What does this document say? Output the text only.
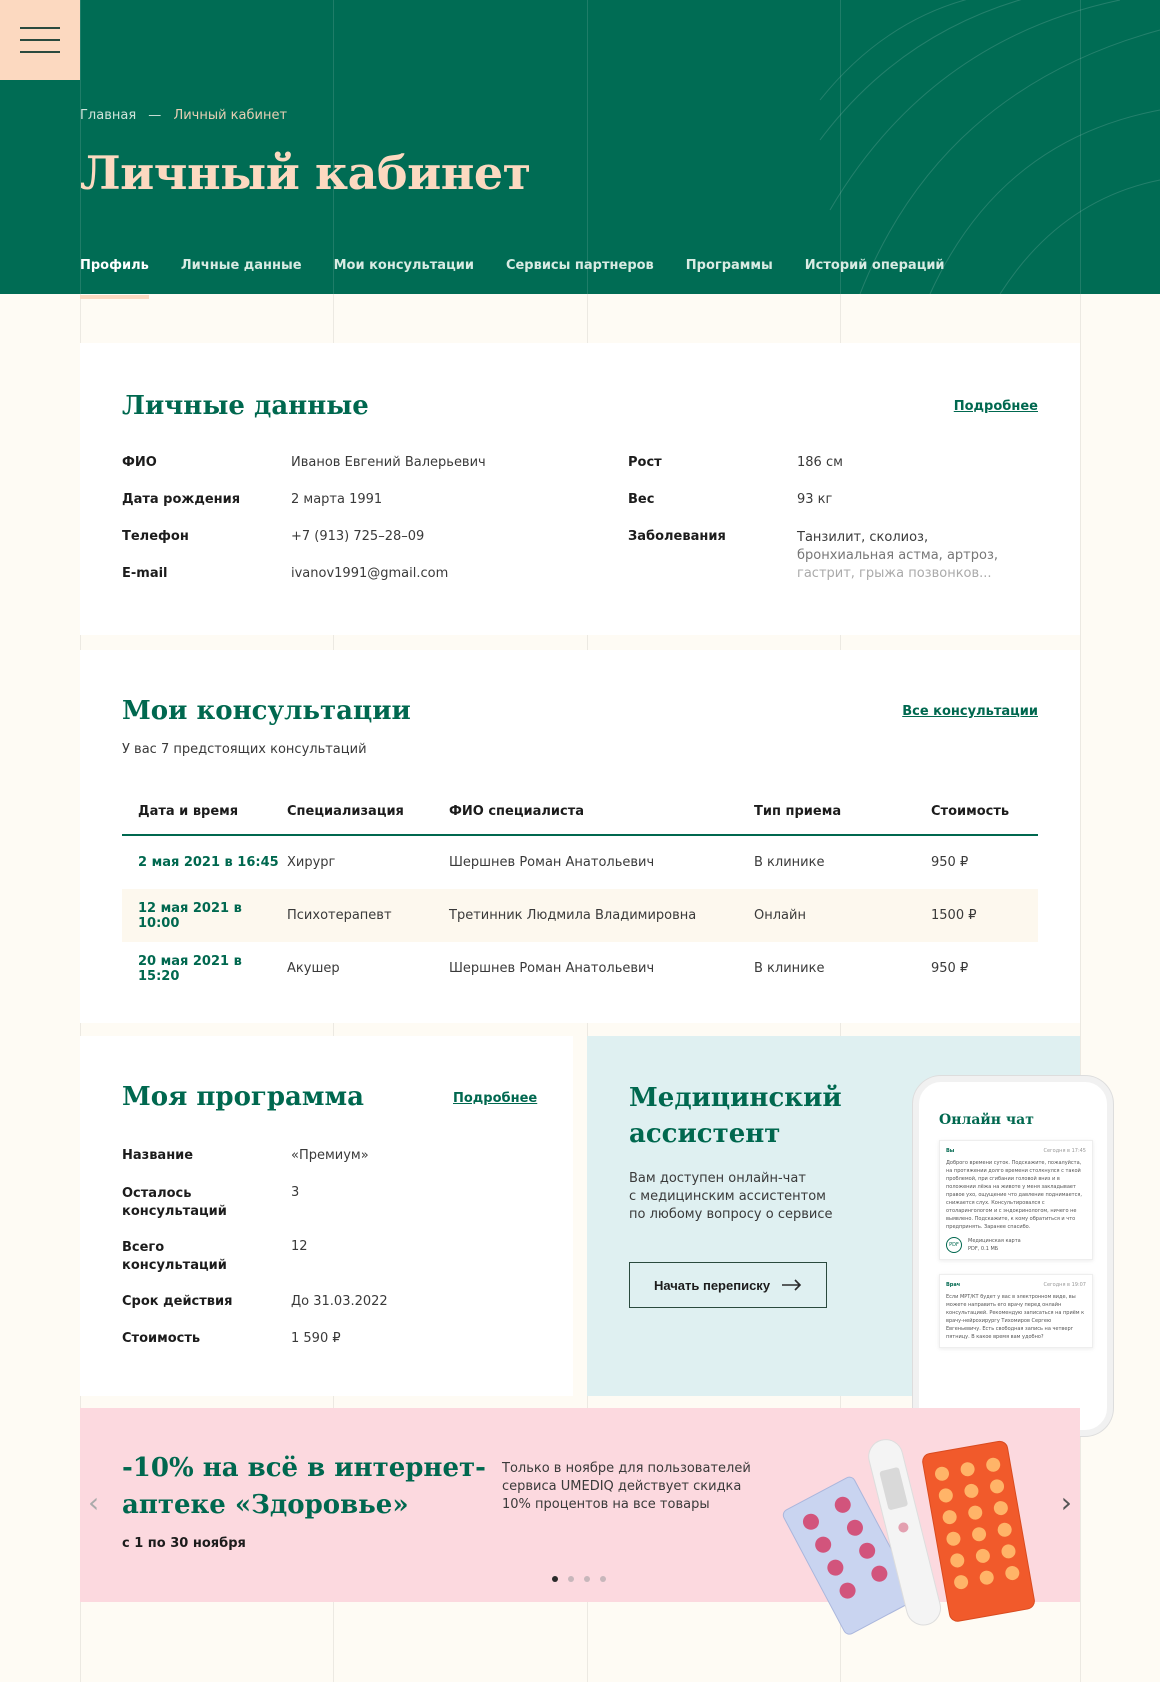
Главная — Личный кабинет
Личный кабинет
Профиль Личные данные Мои консультации Сервисы партнеров Программы Историй операций
Личные данные	Подробнее
ФИО	Иванов Евгений Валерьевич
Дата рождения	2 марта 1991
Телефон	+7 (913) 725–28–09
E-mail	ivanov1991@gmail.com
Рост	186 см
Вес	93 кг
Заболевания	Танзилит, сколиоз,
бронхиальная астма, артроз,
гастрит, грыжа позвонков...
Мои консультации	Все консультации
У вас 7 предстоящих консультаций
Дата и время	Специализация	ФИО специалиста	Тип приема	Стоимость
2 мая 2021 в 16:45 Хирург	Шершнев Роман Анатольевич	В клинике	950 ₽
12 мая 2021 в 10:00	Психотерапевт	Третинник Людмила Владимировна	Онлайн	1500 ₽
20 мая 2021 в 15:20	Акушер	Шершнев Роман Анатольевич	В клинике	950 ₽
Моя программа	Подробнее
Название	«Премиум»
Осталось консультаций
3
Всего консультаций
12
Срок действия	До 31.03.2022
Стоимость	1 590 ₽
Медицинский
ассистент
Вам доступен онлайн-чат
с медицинским ассистентом
по любому вопросу о сервисе
Начать переписку
Онлайн чат
Вы	Сегодня в 17:45
Доброго времени суток. Подскажите, пожалуйста, на протяжении долго времени столкнулся с такой проблемой, при сгибании головой вниз и в положении лёжа на животе у меня закладывает правое ухо, ощущение что давление поднимается, снижается слух. Консультировался с отоларингологом и с эндокринологом, ничего не выявлено. Подскажите, к кому обратиться и что предпринять. Заранее спасибо.
PDF
Медицинская карта
PDF, 0.1 МБ
Врач	Сегодня в 19:07
Если МРТ/КТ будет у вас в электронном виде, вы можете направить его врачу перед онлайн консультацией. Рекомендую записаться на приём к врачу-нейрохирургу Тихомиров Сергею Евгеньевичу. Есть свободная запись на четверг пятницу. В какое время вам удобно?
‹	›
-10% на всё в интернет-
аптеке «Здоровье»
с 1 по 30 ноября
Только в ноябре для пользователей
сервиса UMEDIQ действует скидка
10% процентов на все товары
